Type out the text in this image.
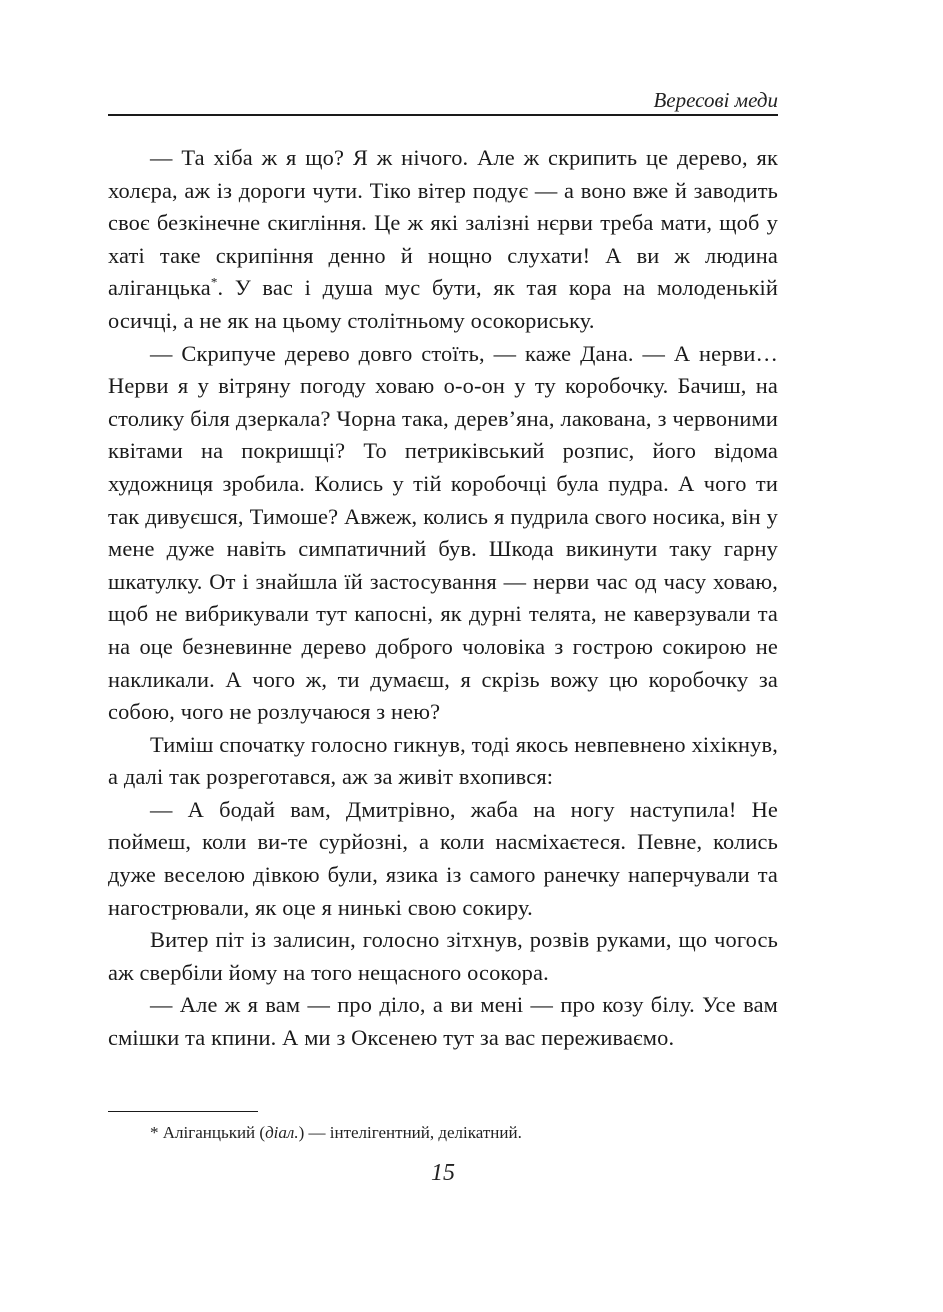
Вересові меди

— Та хіба ж я що? Я ж нічого. Але ж скрипить це дерево, як холєра, аж із дороги чути. Тіко вітер подує — а воно вже й заводить своє безкінечне скигління. Це ж які залізні нєрви треба мати, щоб у хаті таке скрипіння денно й нощно слухати! А ви ж людина аліганцька*. У вас і душа мус бути, як тая кора на молоденькій осичці, а не як на цьому столітньому осокориську.

— Скрипуче дерево довго стоїть, — каже Дана. — А нерви… Нерви я у вітряну погоду ховаю о-о-он у ту коробочку. Бачиш, на столику біля дзеркала? Чорна така, дерев’яна, лакована, з червоними квітами на покришці? То петриківський розпис, його відома художниця зробила. Колись у тій коробочці була пудра. А чого ти так дивуєшся, Тимоше? Авжеж, колись я пудрила свого носика, він у мене дуже навіть симпатичний був. Шкода викинути таку гарну шкатулку. От і знайшла їй застосування — нерви час од часу ховаю, щоб не вибрикували тут капосні, як дурні телята, не каверзували та на оце безневинне дерево доброго чоловіка з гострою сокирою не накликали. А чого ж, ти думаєш, я скрізь вожу цю коробочку за собою, чого не розлучаюся з нею?

Тиміш спочатку голосно гикнув, тоді якось невпевнено хіхікнув, а далі так розреготався, аж за живіт вхопився:

— А бодай вам, Дмитрівно, жаба на ногу наступила! Не поймеш, коли ви-те сурйозні, а коли насміхаєтеся. Певне, колись дуже веселою дівкою були, язика із самого ранечку наперчували та нагострювали, як оце я нинькі свою сокиру.

Витер піт із залисин, голосно зітхнув, розвів руками, що чогось аж свербіли йому на того нещасного осокора.

— Але ж я вам — про діло, а ви мені — про козу білу. Усе вам смішки та кпини. А ми з Оксенею тут за вас переживаємо.

* Аліганцький (діал.) — інтелігентний, делікатний.
15
